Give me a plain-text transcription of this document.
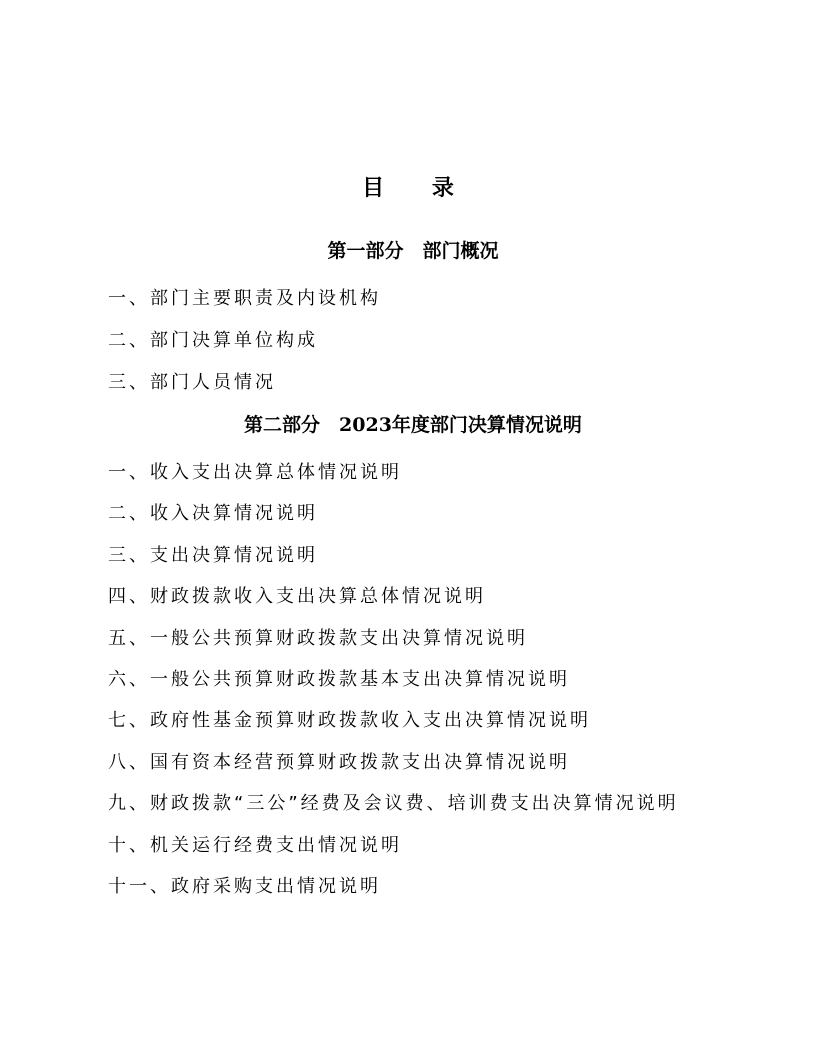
目 录
第一部分　部门概况
一、部门主要职责及内设机构
二、部门决算单位构成
三、部门人员情况
第二部分　2023年度部门决算情况说明
一、收入支出决算总体情况说明
二、收入决算情况说明
三、支出决算情况说明
四、财政拨款收入支出决算总体情况说明
五、一般公共预算财政拨款支出决算情况说明
六、一般公共预算财政拨款基本支出决算情况说明
七、政府性基金预算财政拨款收入支出决算情况说明
八、国有资本经营预算财政拨款支出决算情况说明
九、财政拨款“三公”经费及会议费、培训费支出决算情况说明
十、机关运行经费支出情况说明
十一、政府采购支出情况说明
